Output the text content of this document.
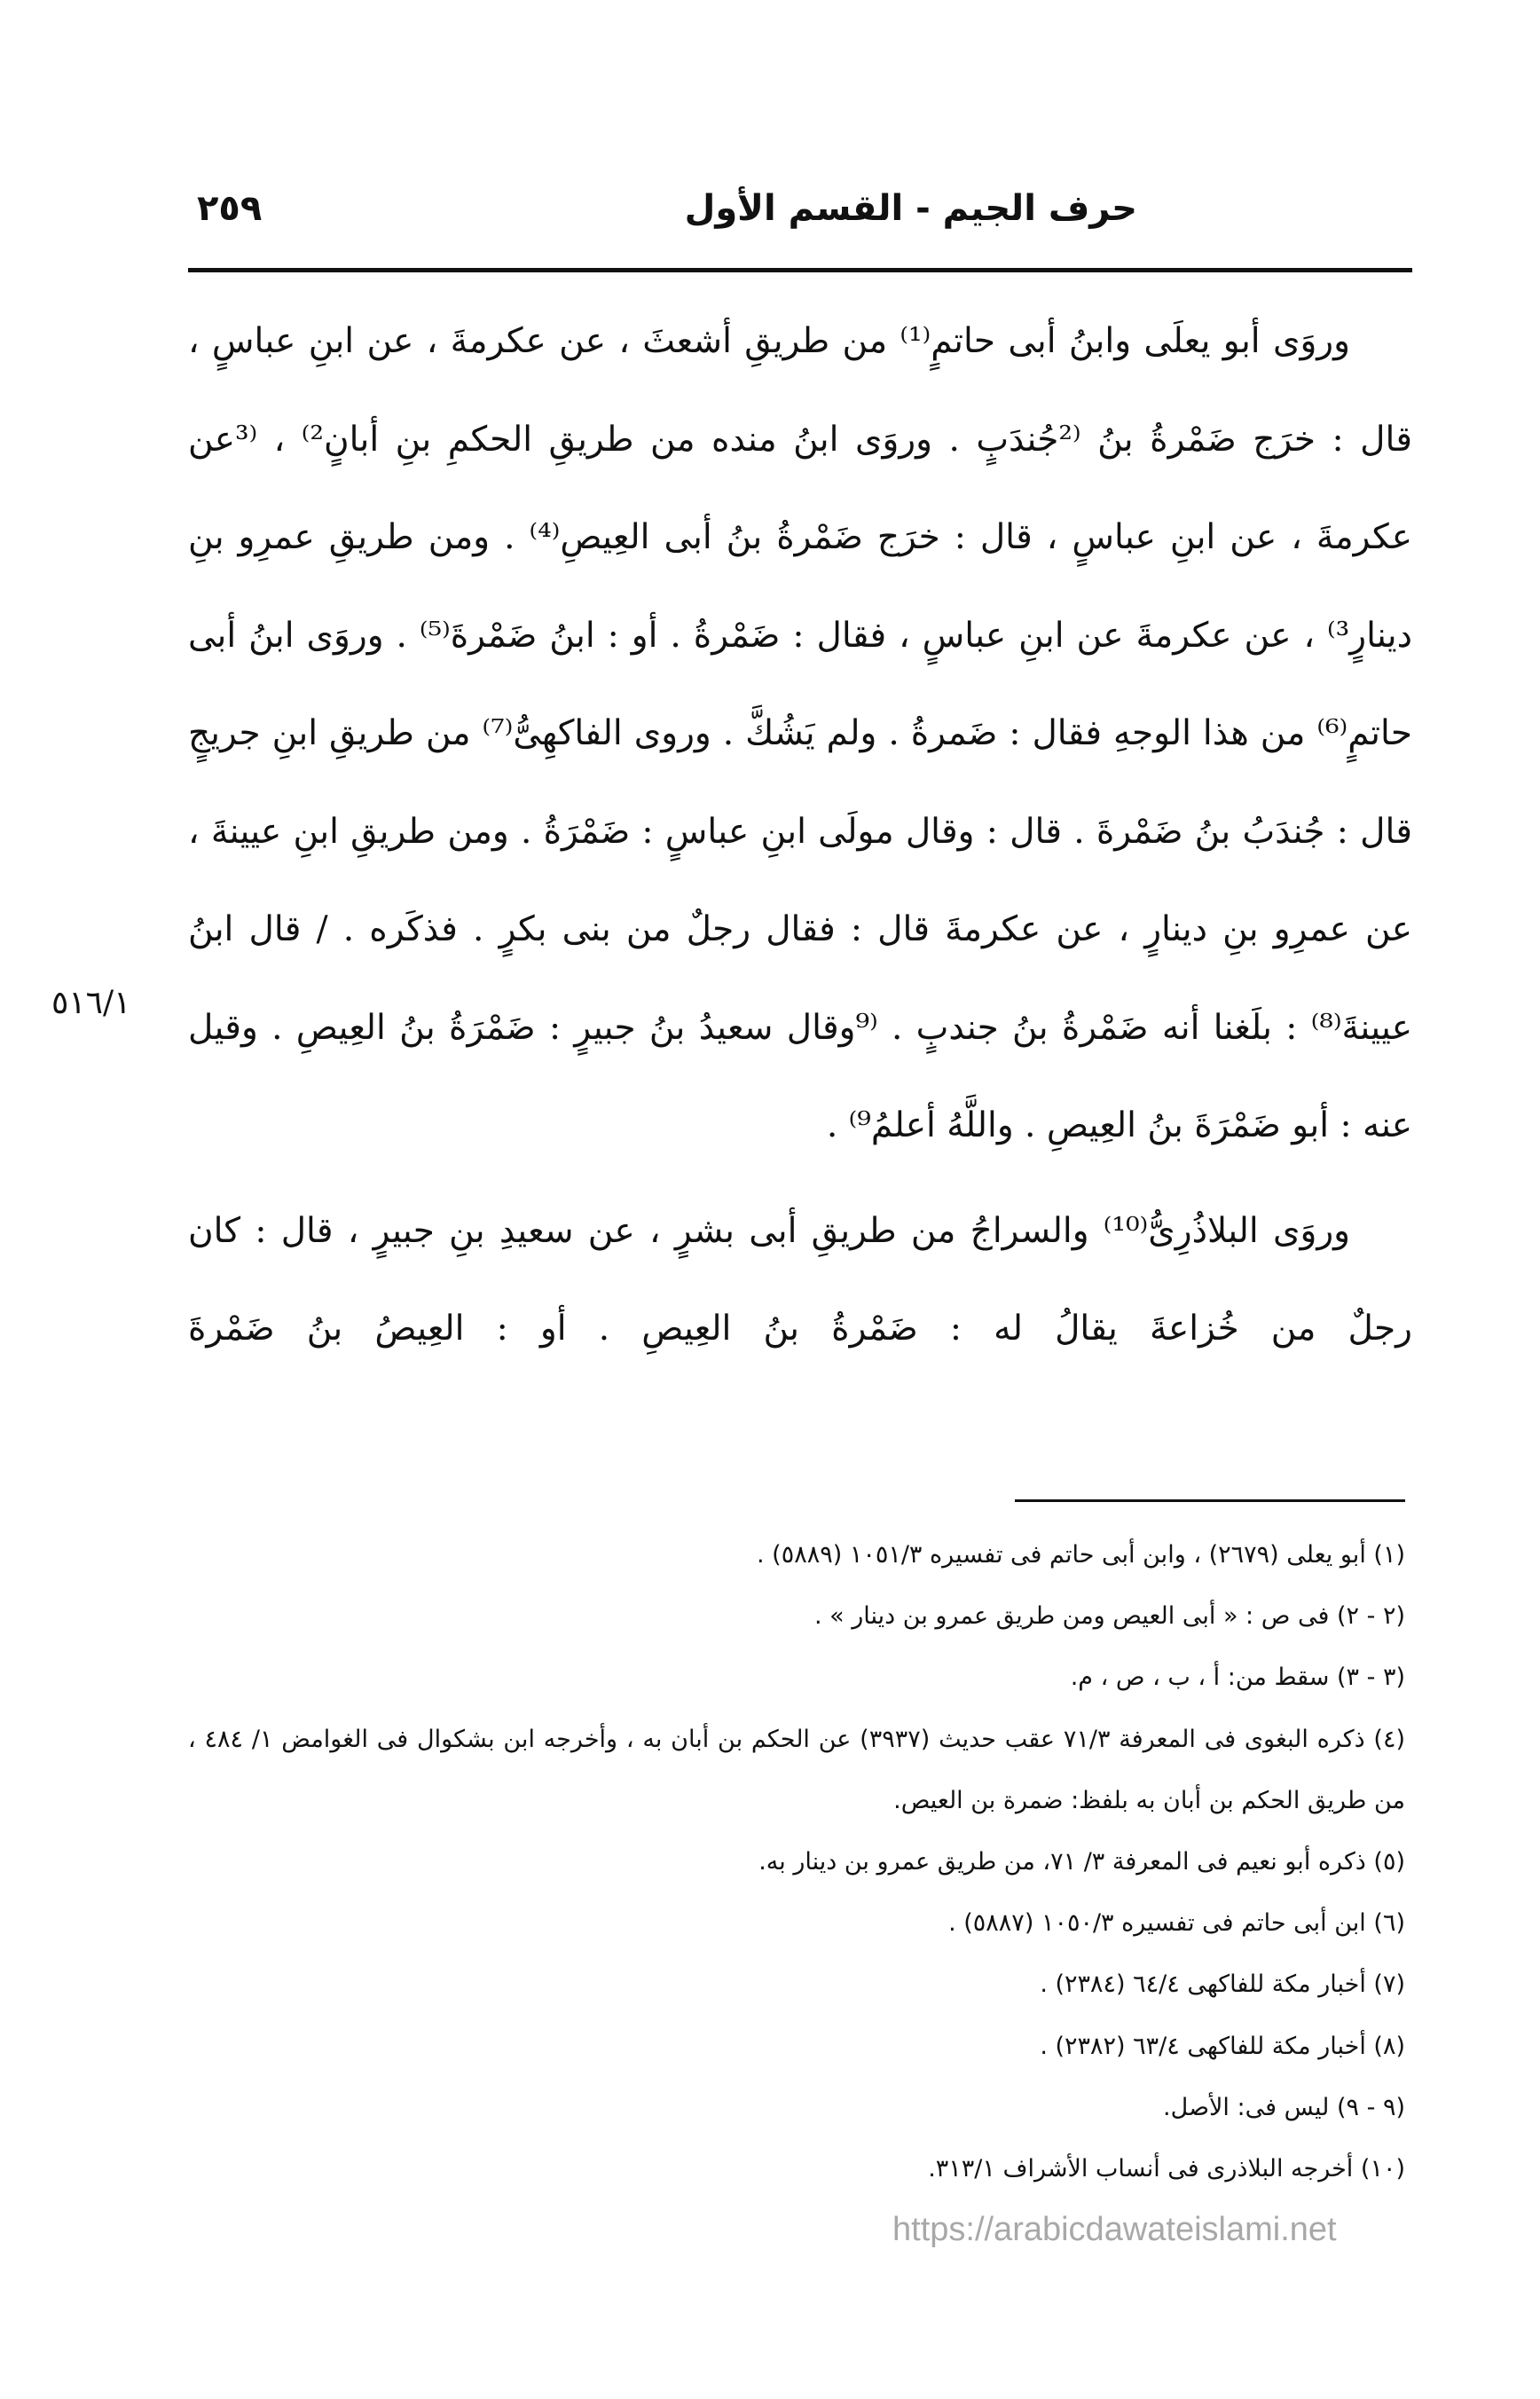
حرف الجيم - القسم الأول
٢٥٩

وروَى أبو يعلَى وابنُ أبى حاتمٍ⁽¹⁾ من طريقِ أشعثَ ، عن عكرمةَ ، عن ابنِ عباسٍ ، قال : خرَج ضَمْرةُ بنُ ⁽²جُندَبٍ . وروَى ابنُ منده من طريقِ الحكمِ بنِ أبانٍ²⁾ ، ⁽³عن عكرمةَ ، عن ابنِ عباسٍ ، قال : خرَج ضَمْرةُ بنُ أبى العِيصِ⁽⁴⁾ . ومن طريقِ عمرِو بنِ دينارٍ³⁾ ، عن عكرمةَ عن ابنِ عباسٍ ، فقال : ضَمْرةُ . أو : ابنُ ضَمْرةَ⁽⁵⁾ . وروَى ابنُ أبى حاتمٍ⁽⁶⁾ من هذا الوجهِ فقال : ضَمرةُ . ولم يَشُكَّ . وروى الفاكهِىُّ⁽⁷⁾ من طريقِ ابنِ جريجٍ قال : جُندَبُ بنُ ضَمْرةَ . قال : وقال مولَى ابنِ عباسٍ : ضَمْرَةُ . ومن طريقِ ابنِ عيينةَ ، عن عمرِو بنِ دينارٍ ، عن عكرمةَ قال : فقال رجلٌ من بنى بكرٍ . فذكَره . / قال ابنُ عيينةَ⁽⁸⁾ : بلَغنا أنه ضَمْرةُ بنُ جندبٍ . ⁽⁹وقال سعيدُ بنُ جبيرٍ : ضَمْرَةُ بنُ العِيصِ . وقيل عنه : أبو ضَمْرَةَ بنُ العِيصِ . واللَّهُ أعلمُ⁹⁾ .

وروَى البلاذُرِىُّ⁽¹⁰⁾ والسراجُ من طريقِ أبى بشرٍ ، عن سعيدِ بنِ جبيرٍ ، قال : كان رجلٌ من خُزاعةَ يقالُ له : ضَمْرةُ بنُ العِيصِ . أو : العِيصُ بنُ ضَمْرةَ

٥١٦/١

(١) أبو يعلى (٢٦٧٩) ، وابن أبى حاتم فى تفسيره ١٠٥١/٣ (٥٨٨٩) .

(٢ - ٢) فى ص : « أبى العيص ومن طريق عمرو بن دينار » .

(٣ - ٣) سقط من: أ ، ب ، ص ، م.

(٤) ذكره البغوى فى المعرفة ٧١/٣ عقب حديث (٣٩٣٧) عن الحكم بن أبان به ، وأخرجه ابن بشكوال فى الغوامض ١/ ٤٨٤ ، من طريق الحكم بن أبان به بلفظ: ضمرة بن العيص.

(٥) ذكره أبو نعيم فى المعرفة ٣/ ٧١، من طريق عمرو بن دينار به.

(٦) ابن أبى حاتم فى تفسيره ١٠٥٠/٣ (٥٨٨٧) .

(٧) أخبار مكة للفاكهى ٦٤/٤ (٢٣٨٤) .

(٨) أخبار مكة للفاكهى ٦٣/٤ (٢٣٨٢) .

(٩ - ٩) ليس فى: الأصل.

(١٠) أخرجه البلاذرى فى أنساب الأشراف ٣١٣/١.

https://arabicdawateislami.net
